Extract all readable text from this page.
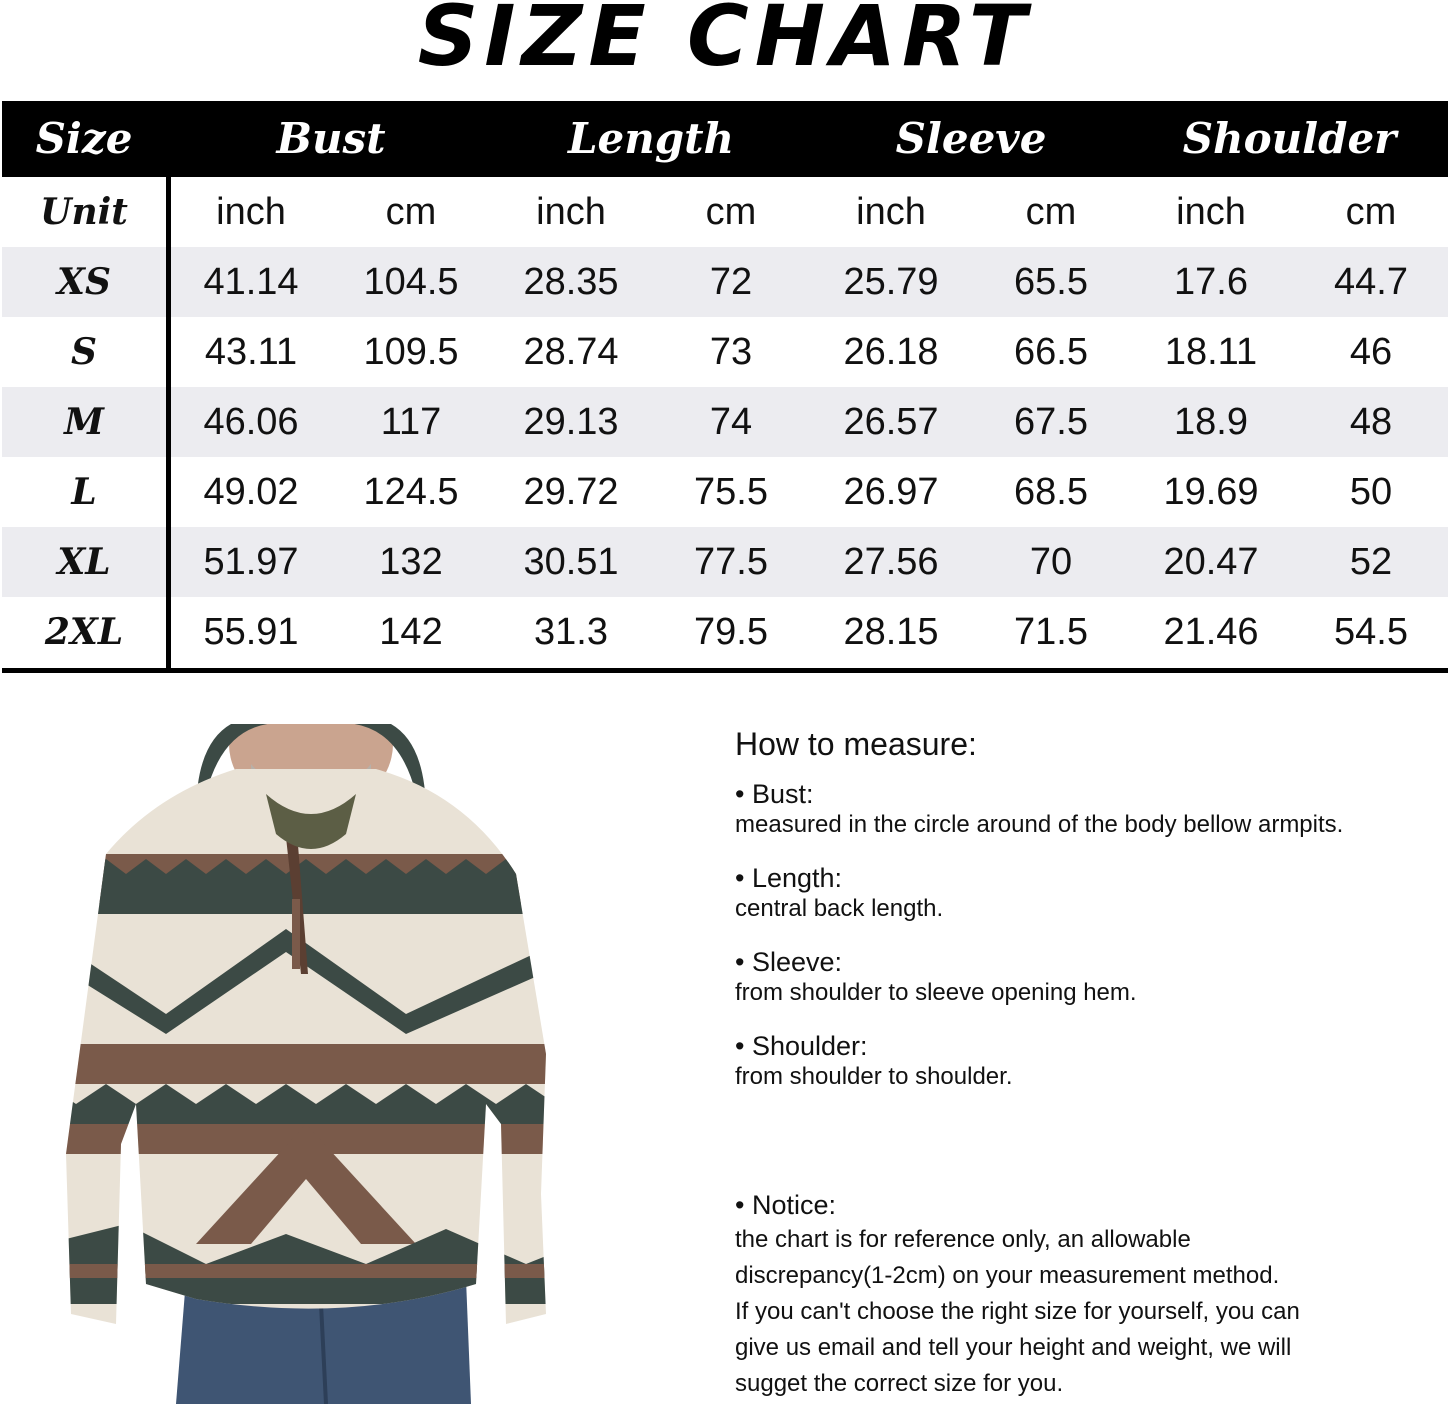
SIZE CHART
Size	Bust	Length	Sleeve	Shoulder
Unit	inch	cm	inch	cm	inch	cm	inch	cm
XS	41.14	104.5	28.35	72	25.79	65.5	17.6	44.7
S	43.11	109.5	28.74	73	26.18	66.5	18.11	46
M	46.06	117	29.13	74	26.57	67.5	18.9	48
L	49.02	124.5	29.72	75.5	26.97	68.5	19.69	50
XL	51.97	132	30.51	77.5	27.56	70	20.47	52
2XL	55.91	142	31.3	79.5	28.15	71.5	21.46	54.5
How to measure:
• Bust:
measured in the circle around of the body bellow armpits.
• Length:
central back length.
• Sleeve:
from shoulder to sleeve opening hem.
• Shoulder:
from shoulder to shoulder.
• Notice:
the chart is for reference only, an allowable
discrepancy(1-2cm) on your measurement method.
If you can't choose the right size for yourself, you can
give us email and tell your height and weight, we will
sugget the correct size for you.
